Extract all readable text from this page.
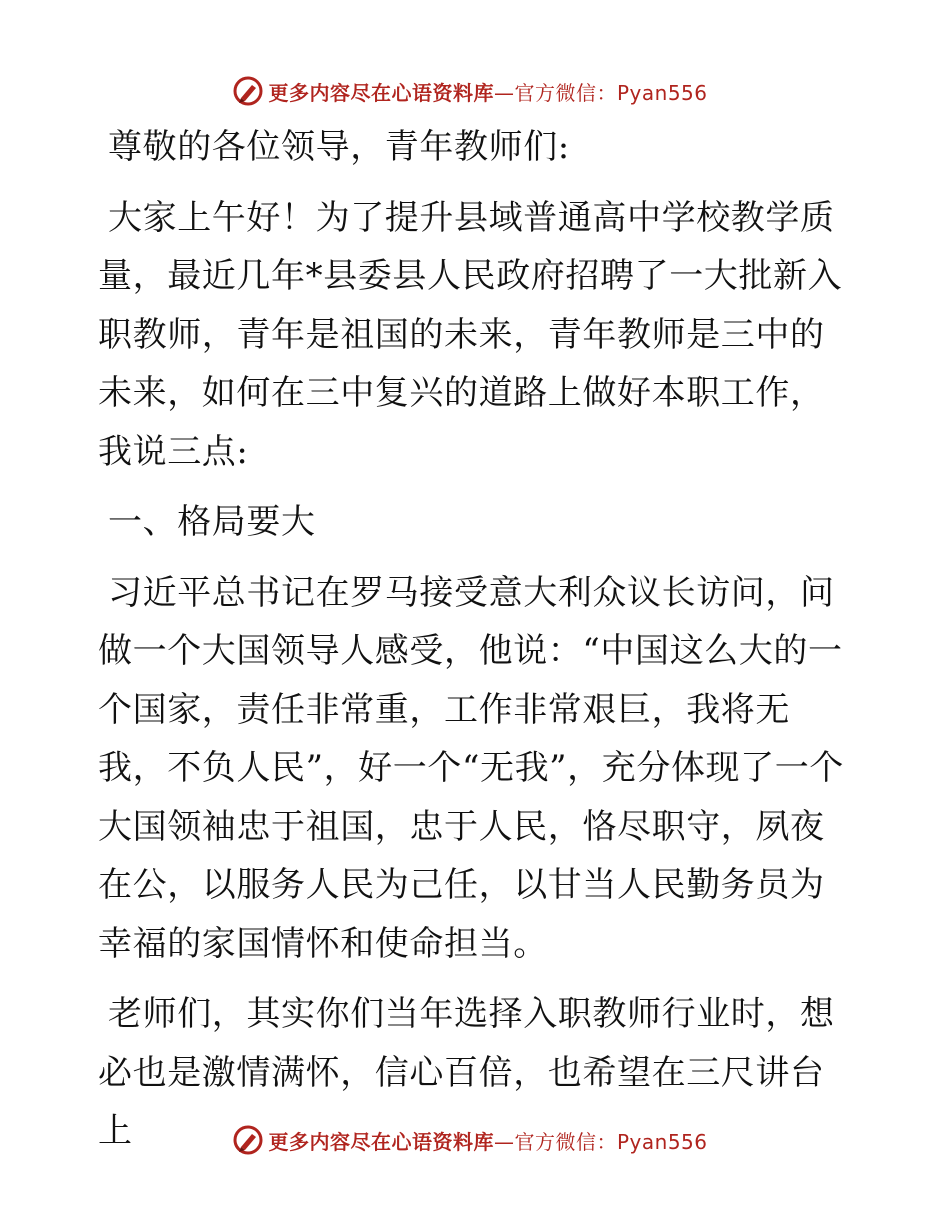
更多内容尽在心语资料库—官方微信：Pyan556

尊敬的各位领导，青年教师们:

大家上午好！为了提升县域普通高中学校教学质量，最近几年*县委县人民政府招聘了一大批新入职教师，青年是祖国的未来，青年教师是三中的未来，如何在三中复兴的道路上做好本职工作，我说三点:

一、格局要大

习近平总书记在罗马接受意大利众议长访问，问做一个大国领导人感受，他说：“中国这么大的一个国家，责任非常重，工作非常艰巨，我将无我，不负人民”，好一个“无我”，充分体现了一个大国领袖忠于祖国，忠于人民，恪尽职守，夙夜在公，以服务人民为己任，以甘当人民勤务员为幸福的家国情怀和使命担当。

老师们，其实你们当年选择入职教师行业时，想必也是激情满怀，信心百倍，也希望在三尺讲台上	更多内容尽在心语资料库—官方微信：Pyan556
